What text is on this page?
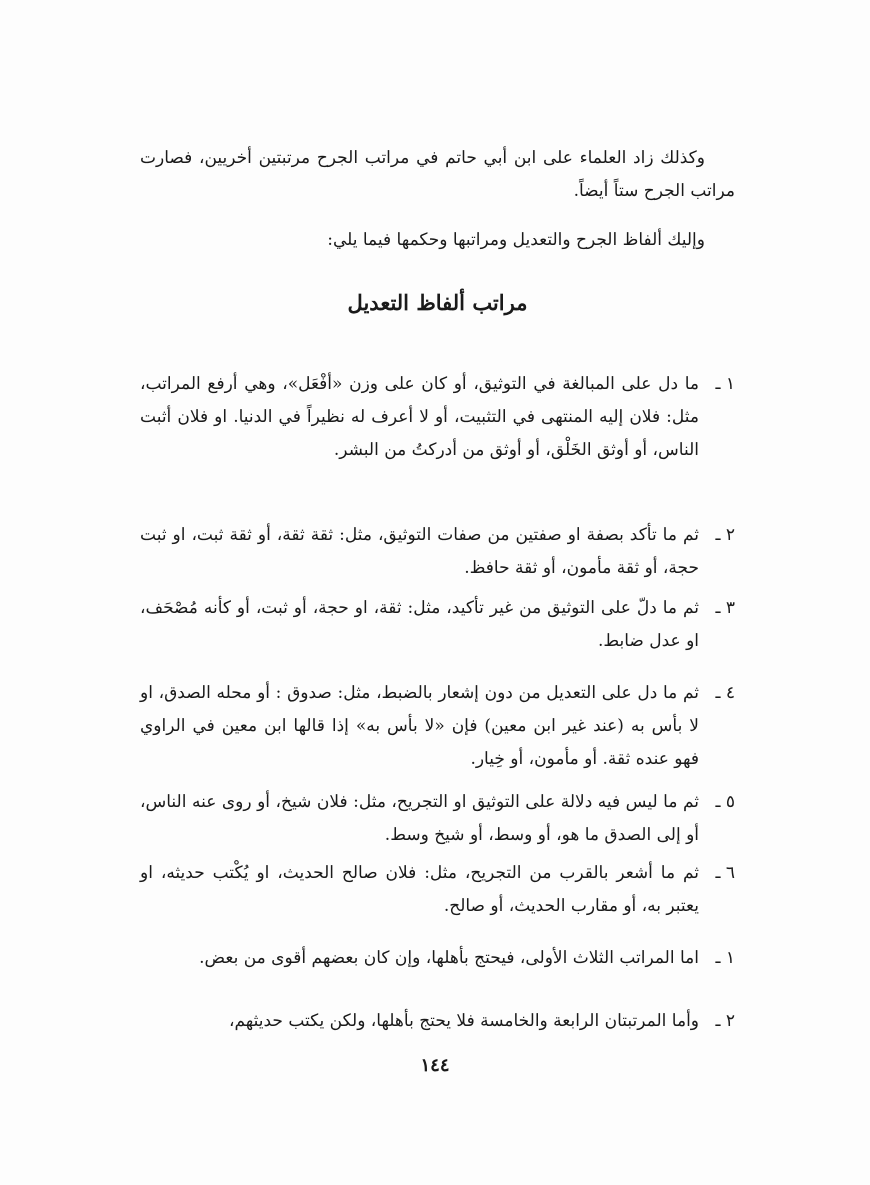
وكذلك زاد العلماء على ابن أبي حاتم في مراتب الجرح مرتبتين أخريين، فصارت مراتب الجرح ستاً أيضاً.

وإليك ألفاظ الجرح والتعديل ومراتبها وحكمها فيما يلي:

مراتب ألفاظ التعديل
١ ـ
ما دل على المبالغة في التوثيق، أو كان على وزن «أفْعَل»، وهي أرفع المراتب، مثل: فلان إليه المنتهى في التثبيت، أو لا أعرف له نظيراً في الدنيا. او فلان أثبت الناس، أو أوثق الخَلْق، أو أوثق من أدركتُ من البشر.
٢ ـ
ثم ما تأكد بصفة او صفتين من صفات التوثيق، مثل: ثقة ثقة، أو ثقة ثبت، او ثبت حجة، أو ثقة مأمون، أو ثقة حافظ.
٣ ـ
ثم ما دلّ على التوثيق من غير تأكيد، مثل: ثقة، او حجة، أو ثبت، أو كأنه مُصْحَف، او عدل ضابط.
٤ ـ
ثم ما دل على التعديل من دون إشعار بالضبط، مثل: صدوق : أو محله الصدق، او لا بأس به (عند غير ابن معين) فإن «لا بأس به» إذا قالها ابن معين في الراوي فهو عنده ثقة. أو مأمون، أو خِيار.
٥ ـ
ثم ما ليس فيه دلالة على التوثيق او التجريح، مثل: فلان شيخ، أو روى عنه الناس، أو إلى الصدق ما هو، أو وسط، أو شيخ وسط.
٦ ـ
ثم ما أشعر بالقرب من التجريح، مثل: فلان صالح الحديث، او يُكْتب حديثه، او يعتبر به، أو مقارب الحديث، أو صالح.
١ ـ
اما المراتب الثلاث الأولى، فيحتج بأهلها، وإن كان بعضهم أقوى من بعض.
٢ ـ
وأما المرتبتان الرابعة والخامسة فلا يحتج بأهلها، ولكن يكتب حديثهم،

١٤٤
